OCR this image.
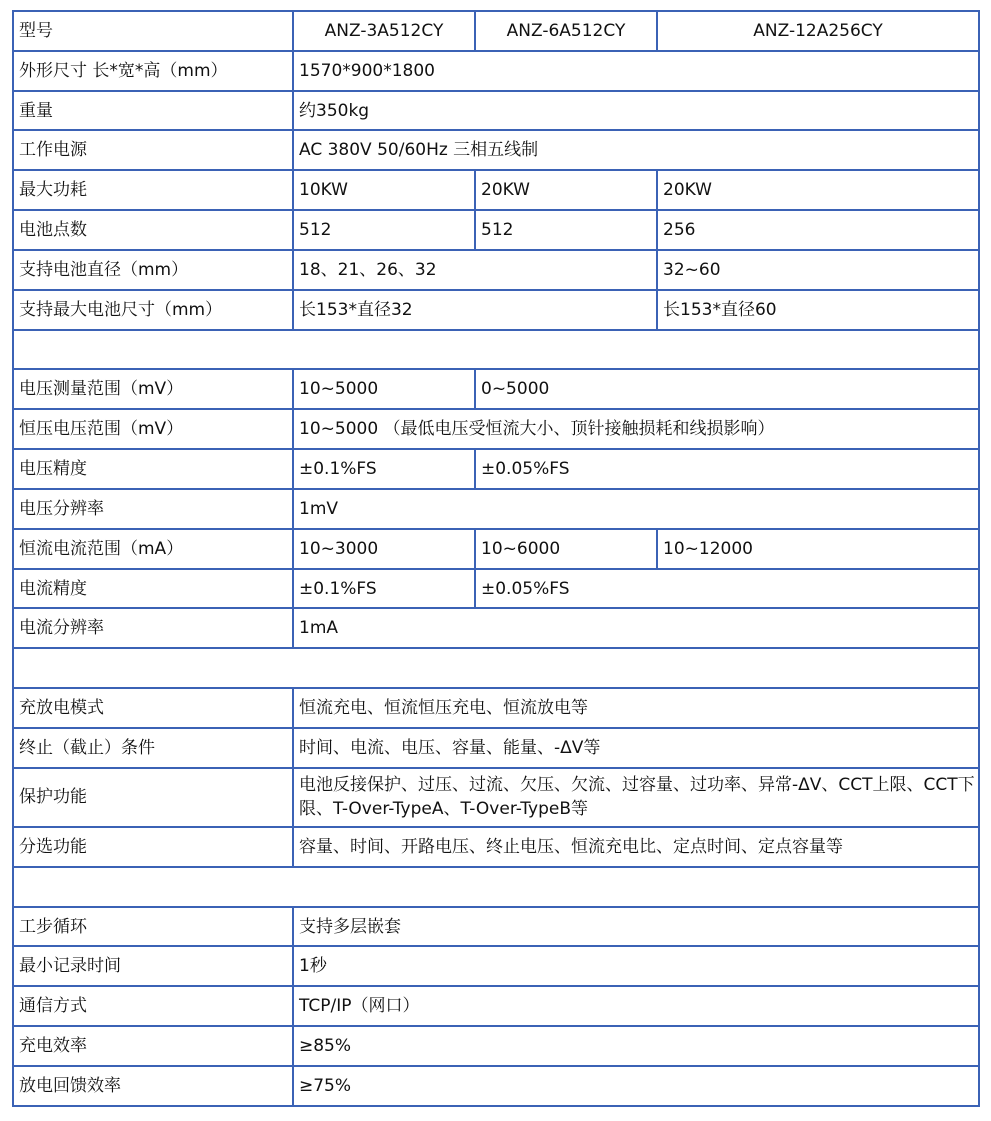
型号	ANZ-3A512CY	ANZ-6A512CY	ANZ-12A256CY
外形尺寸 长*宽*高（mm）	1570*900*1800		
重量	约350kg		
工作电源	AC 380V 50/60Hz 三相五线制		
最大功耗	10KW	20KW	20KW
电池点数	512	512	256
支持电池直径（mm）	18、21、26、32		32~60
支持最大电池尺寸（mm）	长153*直径32		长153*直径60

电压测量范围（mV）	10~5000	0~5000	
恒压电压范围（mV）	10~5000 （最低电压受恒流大小、顶针接触损耗和线损影响）		
电压精度	±0.1%FS	±0.05%FS	
电压分辨率	1mV		
恒流电流范围（mA）	10~3000	10~6000	10~12000
电流精度	±0.1%FS	±0.05%FS	
电流分辨率	1mA		

充放电模式	恒流充电、恒流恒压充电、恒流放电等		
终止（截止）条件	时间、电流、电压、容量、能量、-ΔV等		
保护功能	电池反接保护、过压、过流、欠压、欠流、过容量、过功率、异常-ΔV、CCT上限、CCT下限、T-Over-TypeA、T-Over-TypeB等		
分选功能	容量、时间、开路电压、终止电压、恒流充电比、定点时间、定点容量等		

工步循环	支持多层嵌套		
最小记录时间	1秒		
通信方式	TCP/IP（网口）		
充电效率	≥85%		
放电回馈效率	≥75%		
